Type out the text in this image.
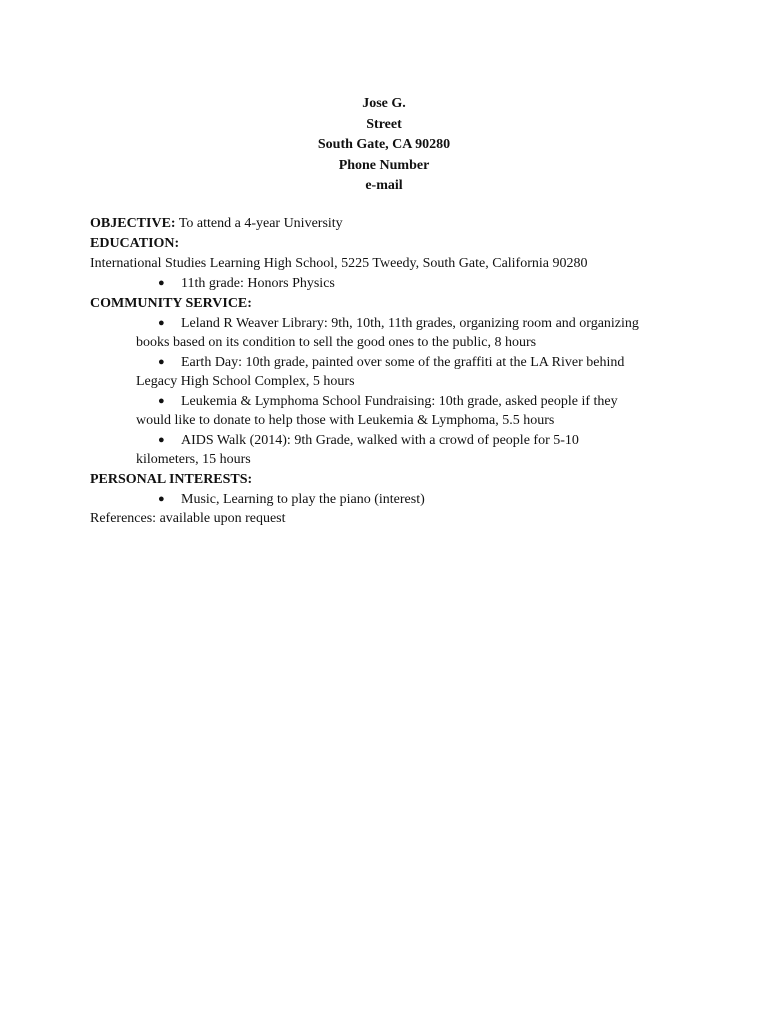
Jose G.
Street
South Gate, CA 90280
Phone Number
e-mail
OBJECTIVE: To attend a 4-year University
EDUCATION:
International Studies Learning High School, 5225 Tweedy, South Gate, California 90280
●	11th grade: Honors Physics
COMMUNITY SERVICE:
●	Leland R Weaver Library: 9th, 10th, 11th grades, organizing room and organizing
books based on its condition to sell the good ones to the public, 8 hours
●	Earth Day: 10th grade, painted over some of the graffiti at the LA River behind
Legacy High School Complex, 5 hours
●	Leukemia & Lymphoma School Fundraising: 10th grade, asked people if they
would like to donate to help those with Leukemia & Lymphoma, 5.5 hours
●	AIDS Walk (2014): 9th Grade, walked with a crowd of people for 5-10
kilometers, 15 hours
PERSONAL INTERESTS:
●	Music, Learning to play the piano (interest)
References: available upon request
